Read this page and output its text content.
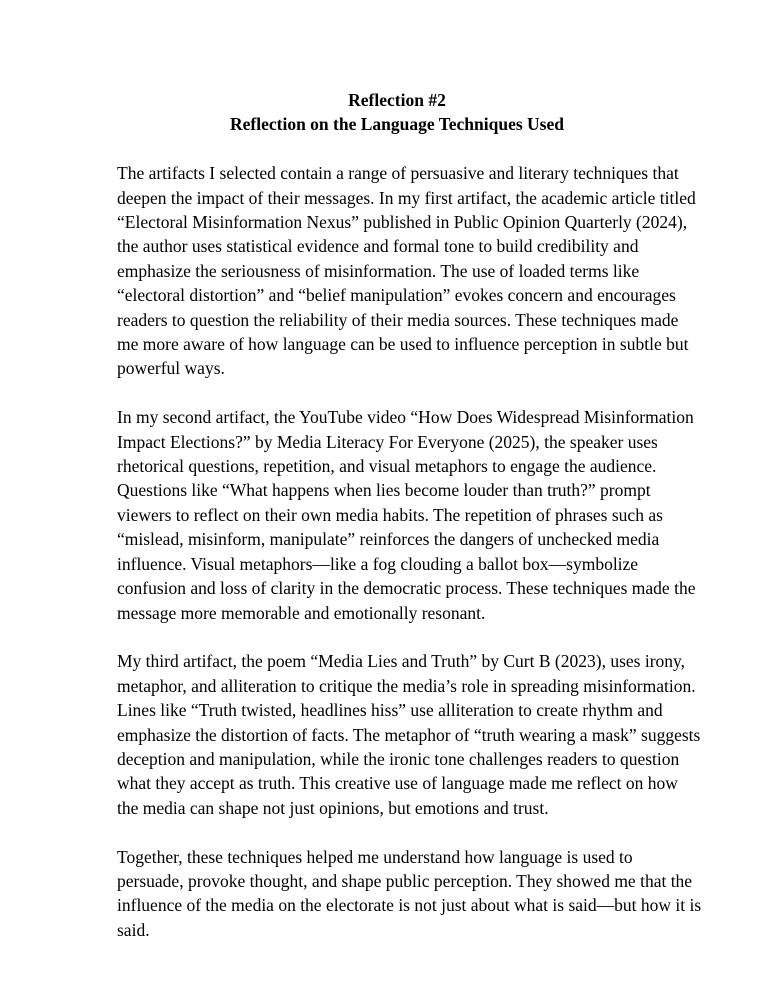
Reflection #2
Reflection on the Language Techniques Used

The artifacts I selected contain a range of persuasive and literary techniques that
deepen the impact of their messages. In my first artifact, the academic article titled
“Electoral Misinformation Nexus” published in Public Opinion Quarterly (2024),
the author uses statistical evidence and formal tone to build credibility and
emphasize the seriousness of misinformation. The use of loaded terms like
“electoral distortion” and “belief manipulation” evokes concern and encourages
readers to question the reliability of their media sources. These techniques made
me more aware of how language can be used to influence perception in subtle but
powerful ways.

In my second artifact, the YouTube video “How Does Widespread Misinformation
Impact Elections?” by Media Literacy For Everyone (2025), the speaker uses
rhetorical questions, repetition, and visual metaphors to engage the audience.
Questions like “What happens when lies become louder than truth?” prompt
viewers to reflect on their own media habits. The repetition of phrases such as
“mislead, misinform, manipulate” reinforces the dangers of unchecked media
influence. Visual metaphors—like a fog clouding a ballot box—symbolize
confusion and loss of clarity in the democratic process. These techniques made the
message more memorable and emotionally resonant.

My third artifact, the poem “Media Lies and Truth” by Curt B (2023), uses irony,
metaphor, and alliteration to critique the media’s role in spreading misinformation.
Lines like “Truth twisted, headlines hiss” use alliteration to create rhythm and
emphasize the distortion of facts. The metaphor of “truth wearing a mask” suggests
deception and manipulation, while the ironic tone challenges readers to question
what they accept as truth. This creative use of language made me reflect on how
the media can shape not just opinions, but emotions and trust.

Together, these techniques helped me understand how language is used to
persuade, provoke thought, and shape public perception. They showed me that the
influence of the media on the electorate is not just about what is said—but how it is
said.
